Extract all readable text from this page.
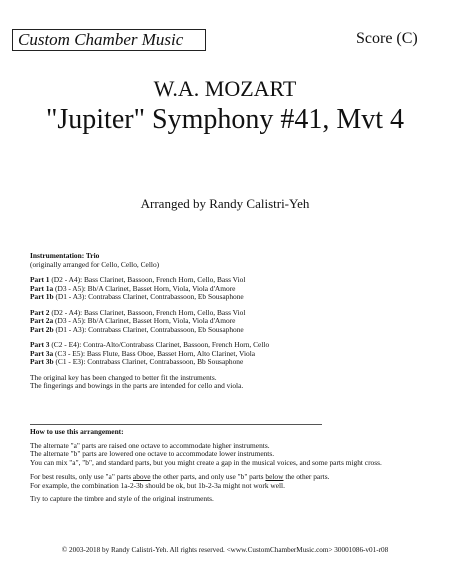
Custom Chamber Music	Score (C)
W.A. MOZART
"Jupiter" Symphony #41, Mvt 4
Arranged by Randy Calistri-Yeh
Instrumentation: Trio
(originally arranged for Cello, Cello, Cello)
Part 1 (D2 - A4): Bass Clarinet, Bassoon, French Horn, Cello, Bass Viol
Part 1a (D3 - A5): Bb/A Clarinet, Basset Horn, Viola, Viola d'Amore
Part 1b (D1 - A3): Contrabass Clarinet, Contrabassoon, Eb Sousaphone
Part 2 (D2 - A4): Bass Clarinet, Bassoon, French Horn, Cello, Bass Viol
Part 2a (D3 - A5): Bb/A Clarinet, Basset Horn, Viola, Viola d'Amore
Part 2b (D1 - A3): Contrabass Clarinet, Contrabassoon, Eb Sousaphone
Part 3 (C2 - E4): Contra-Alto/Contrabass Clarinet, Bassoon, French Horn, Cello
Part 3a (C3 - E5): Bass Flute, Bass Oboe, Basset Horn, Alto Clarinet, Viola
Part 3b (C1 - E3): Contrabass Clarinet, Contrabassoon, Bb Sousaphone
The original key has been changed to better fit the instruments.
The fingerings and bowings in the parts are intended for cello and viola.
How to use this arrangement:
The alternate "a" parts are raised one octave to accommodate higher instruments.
The alternate "b" parts are lowered one octave to accommodate lower instruments.
You can mix "a", "b", and standard parts, but you might create a gap in the musical voices, and some parts might cross.
For best results, only use "a" parts above the other parts, and only use "b" parts below the other parts.
For example, the combination 1a-2-3b should be ok, but 1b-2-3a might not work well.
Try to capture the timbre and style of the original instruments.
© 2003-2018 by Randy Calistri-Yeh. All rights reserved. <www.CustomChamberMusic.com> 30001086-v01-r08
